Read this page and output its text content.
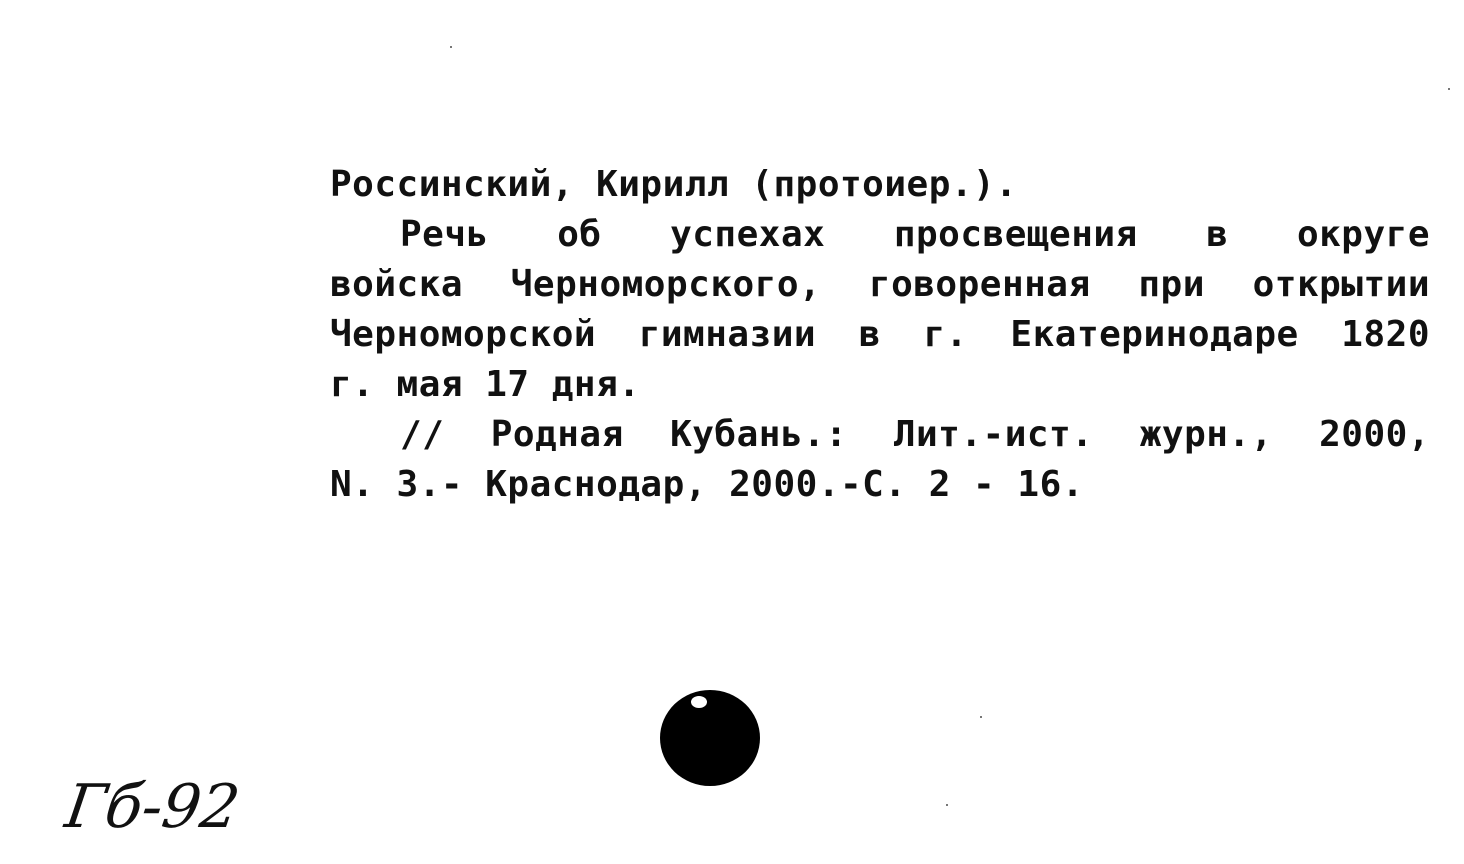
Россинский, Кирилл (протоиер.).
Речь об успехах просвещения в округе
войска Черноморского, говоренная при открытии
Черноморской гимназии в г. Екатеринодаре 1820
г. мая 17 дня.
// Родная Кубань.: Лит.-ист. журн., 2000,
N. 3.- Краснодар, 2000.-С. 2 - 16.
Гб-92
